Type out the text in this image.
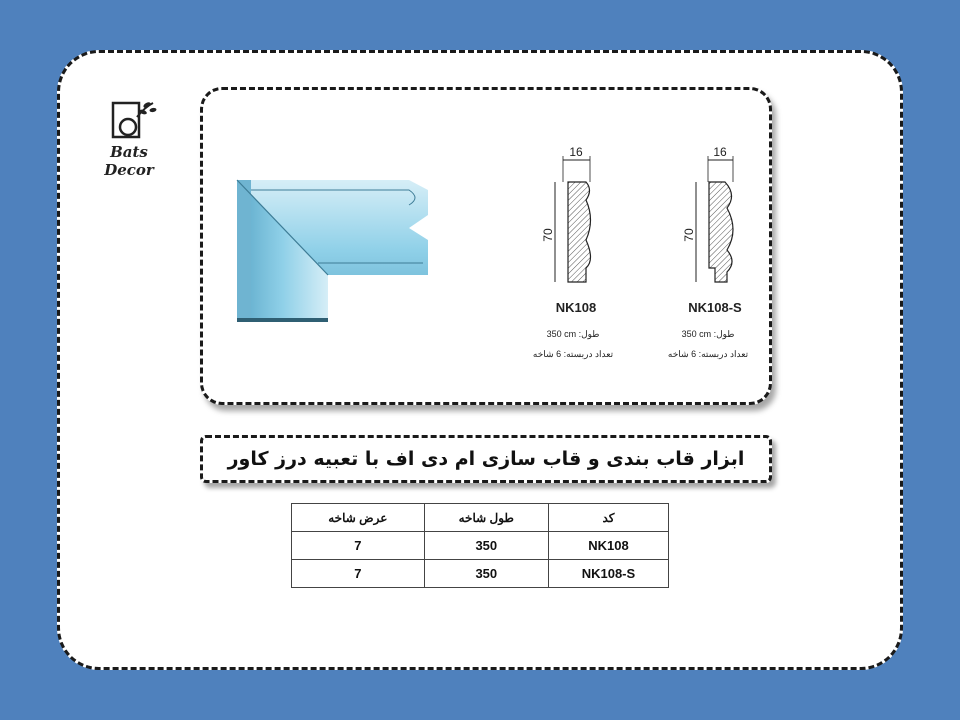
Bats Decor
16
70
NK108
350 cm :طول
تعداد دربسته: 6 شاخه
16
70
NK108-S
350 cm :طول
تعداد دربسته: 6 شاخه
ابزار قاب بندی و قاب سازی ام دی اف با تعبیه درز کاور
عرض شاخه	طول شاخه	کد
7	350	NK108
7	350	NK108-S
